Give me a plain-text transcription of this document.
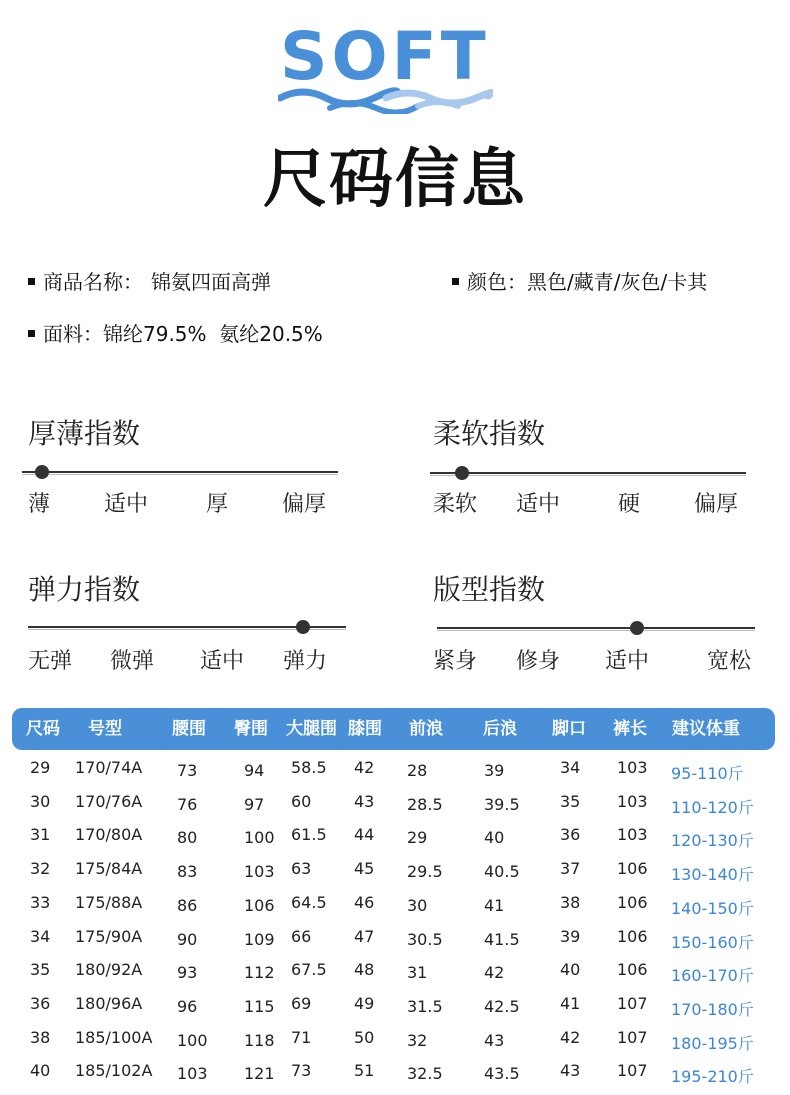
SOFT
尺码信息
商品名称： 锦氨四面高弹	颜色：黑色/藏青/灰色/卡其
面料：锦纶79.5%  氨纶20.5%
厚薄指数
薄 适中	厚 偏厚
柔软指数
柔软 适中	硬 偏厚
弹力指数
无弹 微弹 适中 弹力
版型指数
紧身 修身 适中	宽松
尺码 号型	腰围 臀围 大腿围 膝围 前浪 后浪 脚口 裤长 建议体重
29 170/74A 73	94 58.5 42 28	39	34 103 95-110斤
30 170/76A 76	97 60	43 28.5	39.5	35 103 110-120斤
31 170/80A 80	100 61.5 44 29	40	36 103 120-130斤
32 175/84A 83	103 63	45 29.5	40.5	37 106 130-140斤
33 175/88A 86	106 64.5 46 30	41	38 106 140-150斤
34 175/90A 90	109 66	47 30.5	41.5	39 106 150-160斤
35 180/92A 93	112 67.5 48 31	42	40 106 160-170斤
36 180/96A 96	115 69	49 31.5	42.5	41 107 170-180斤
38 185/100A 100 118 71	50 32	43	42 107 180-195斤
40 185/102A 103 121 73	51 32.5	43.5	43 107 195-210斤
